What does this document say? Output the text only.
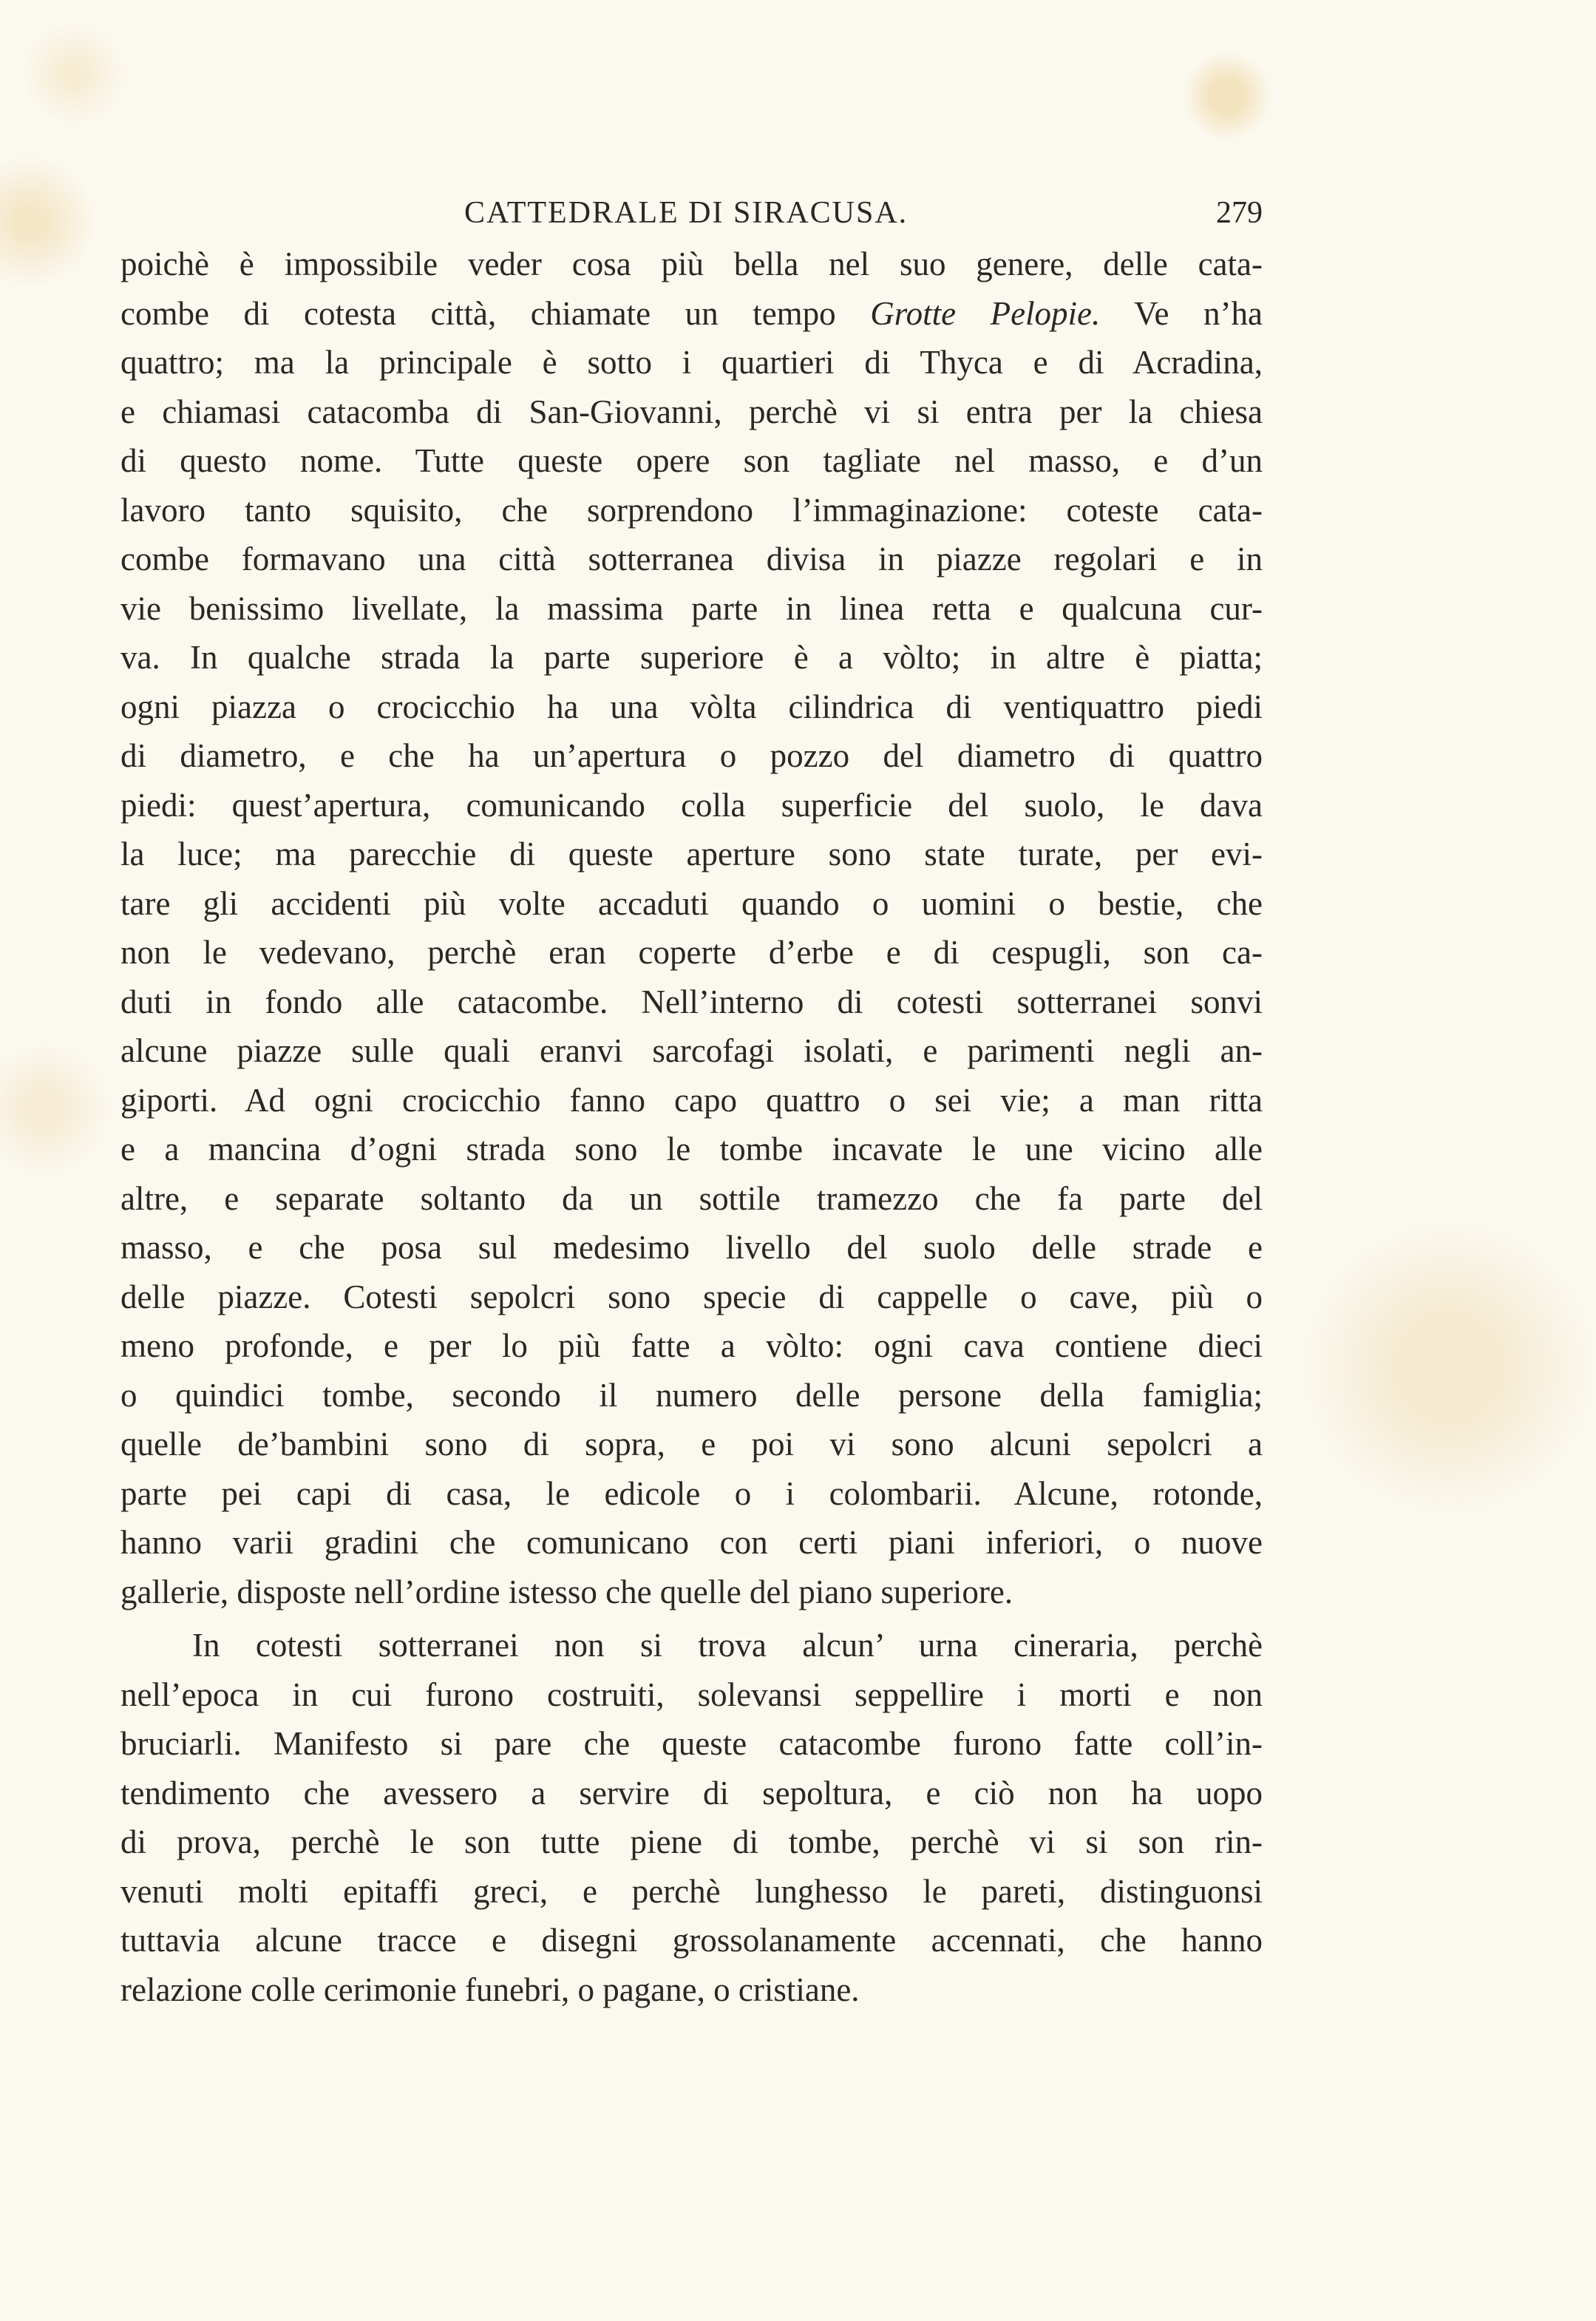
CATTEDRALE DI SIRACUSA.	279
poichè è impossibile veder cosa più bella nel suo genere, delle cata-
combe di cotesta città, chiamate un tempo Grotte Pelopie. Ve n’ha
quattro; ma la principale è sotto i quartieri di Thyca e di Acradina,
e chiamasi catacomba di San-Giovanni, perchè vi si entra per la chiesa
di questo nome. Tutte queste opere son tagliate nel masso, e d’un
lavoro tanto squisito, che sorprendono l’immaginazione: coteste cata-
combe formavano una città sotterranea divisa in piazze regolari e in
vie benissimo livellate, la massima parte in linea retta e qualcuna cur-
va. In qualche strada la parte superiore è a vòlto; in altre è piatta;
ogni piazza o crocicchio ha una vòlta cilindrica di ventiquattro piedi
di diametro, e che ha un’apertura o pozzo del diametro di quattro
piedi: quest’apertura, comunicando colla superficie del suolo, le dava
la luce; ma parecchie di queste aperture sono state turate, per evi-
tare gli accidenti più volte accaduti quando o uomini o bestie, che
non le vedevano, perchè eran coperte d’erbe e di cespugli, son ca-
duti in fondo alle catacombe. Nell’interno di cotesti sotterranei sonvi
alcune piazze sulle quali eranvi sarcofagi isolati, e parimenti negli an-
giporti. Ad ogni crocicchio fanno capo quattro o sei vie; a man ritta
e a mancina d’ogni strada sono le tombe incavate le une vicino alle
altre, e separate soltanto da un sottile tramezzo che fa parte del
masso, e che posa sul medesimo livello del suolo delle strade e
delle piazze. Cotesti sepolcri sono specie di cappelle o cave, più o
meno profonde, e per lo più fatte a vòlto: ogni cava contiene dieci
o quindici tombe, secondo il numero delle persone della famiglia;
quelle de’bambini sono di sopra, e poi vi sono alcuni sepolcri a
parte pei capi di casa, le edicole o i colombarii. Alcune, rotonde,
hanno varii gradini che comunicano con certi piani inferiori, o nuove
gallerie, disposte nell’ordine istesso che quelle del piano superiore.
In cotesti sotterranei non si trova alcun’ urna cineraria, perchè
nell’epoca in cui furono costruiti, solevansi seppellire i morti e non
bruciarli. Manifesto si pare che queste catacombe furono fatte coll’in-
tendimento che avessero a servire di sepoltura, e ciò non ha uopo
di prova, perchè le son tutte piene di tombe, perchè vi si son rin-
venuti molti epitaffi greci, e perchè lunghesso le pareti, distinguonsi
tuttavia alcune tracce e disegni grossolanamente accennati, che hanno
relazione colle cerimonie funebri, o pagane, o cristiane.
